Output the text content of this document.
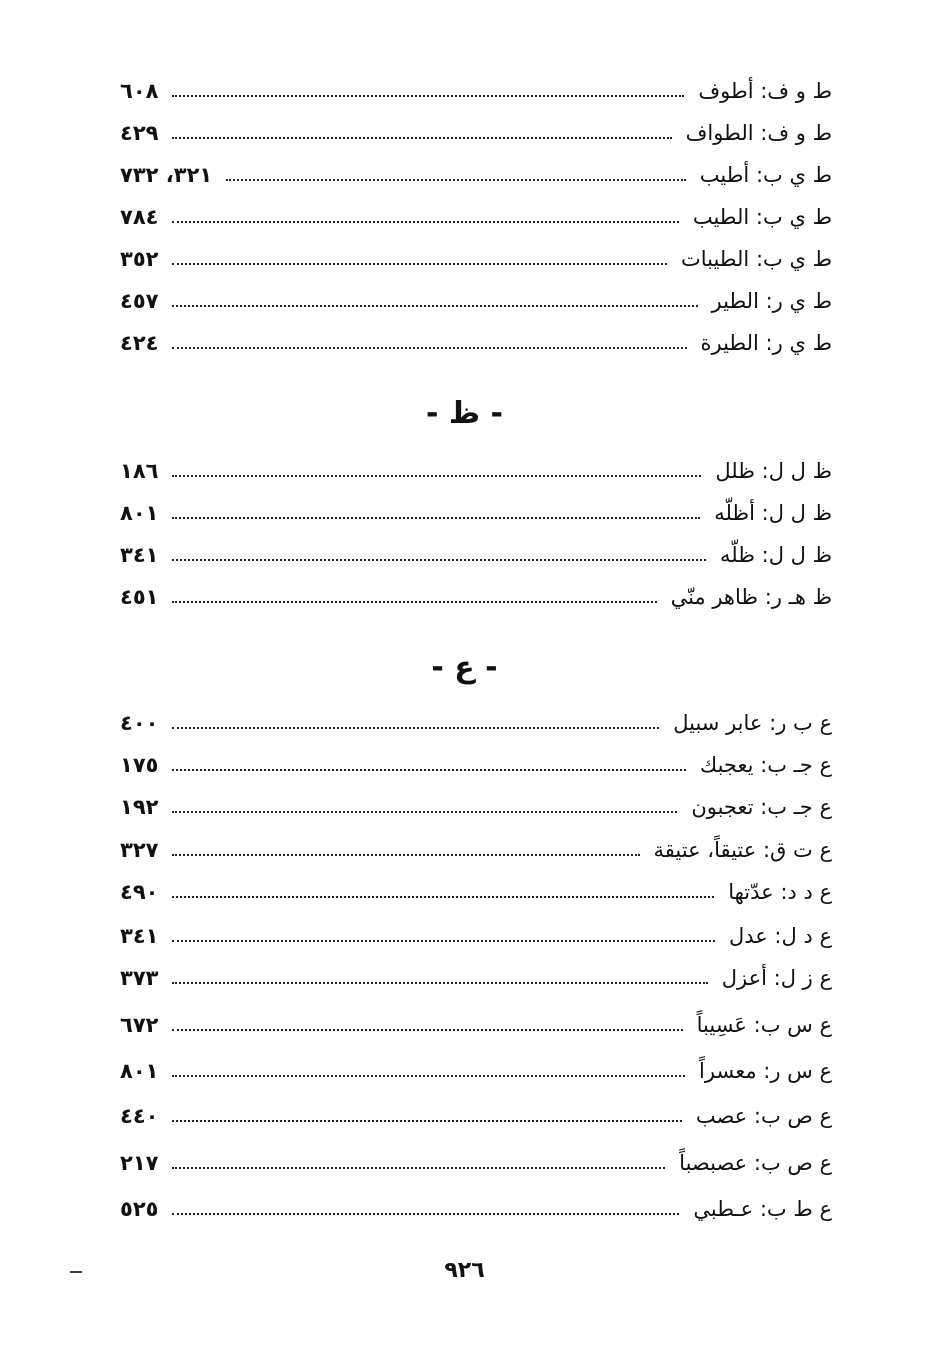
ط و ف: أطوف
٦٠٨
ط و ف: الطواف
٤٢٩
ط ي ب: أطيب
٣٢١، ٧٣٢
ط ي ب: الطيب
٧٨٤
ط ي ب: الطيبات
٣٥٢
ط ي ر: الطير
٤٥٧
ط ي ر: الطيرة
٤٢٤
- ظ -
ظ ل ل: ظلل
١٨٦
ظ ل ل: أظلّه
٨٠١
ظ ل ل: ظلّه
٣٤١
ظ هـ ر: ظاهر منّي
٤٥١
- ع -
ع ب ر: عابر سبيل
٤٠٠
ع جـ ب: يعجبك
١٧٥
ع جـ ب: تعجبون
١٩٢
ع ت ق: عتيقاً، عتيقة
٣٢٧
ع د د: عدّتها
٤٩٠
ع د ل: عدل
٣٤١
ع ز ل: أعزل
٣٧٣
ع س ب: عَسِيباً
٦٧٢
ع س ر: معسراً
٨٠١
ع ص ب: عصب
٤٤٠
ع ص ب: عصبصباً
٢١٧
ع ط ب: عـطبي
٥٢٥
٩٢٦
